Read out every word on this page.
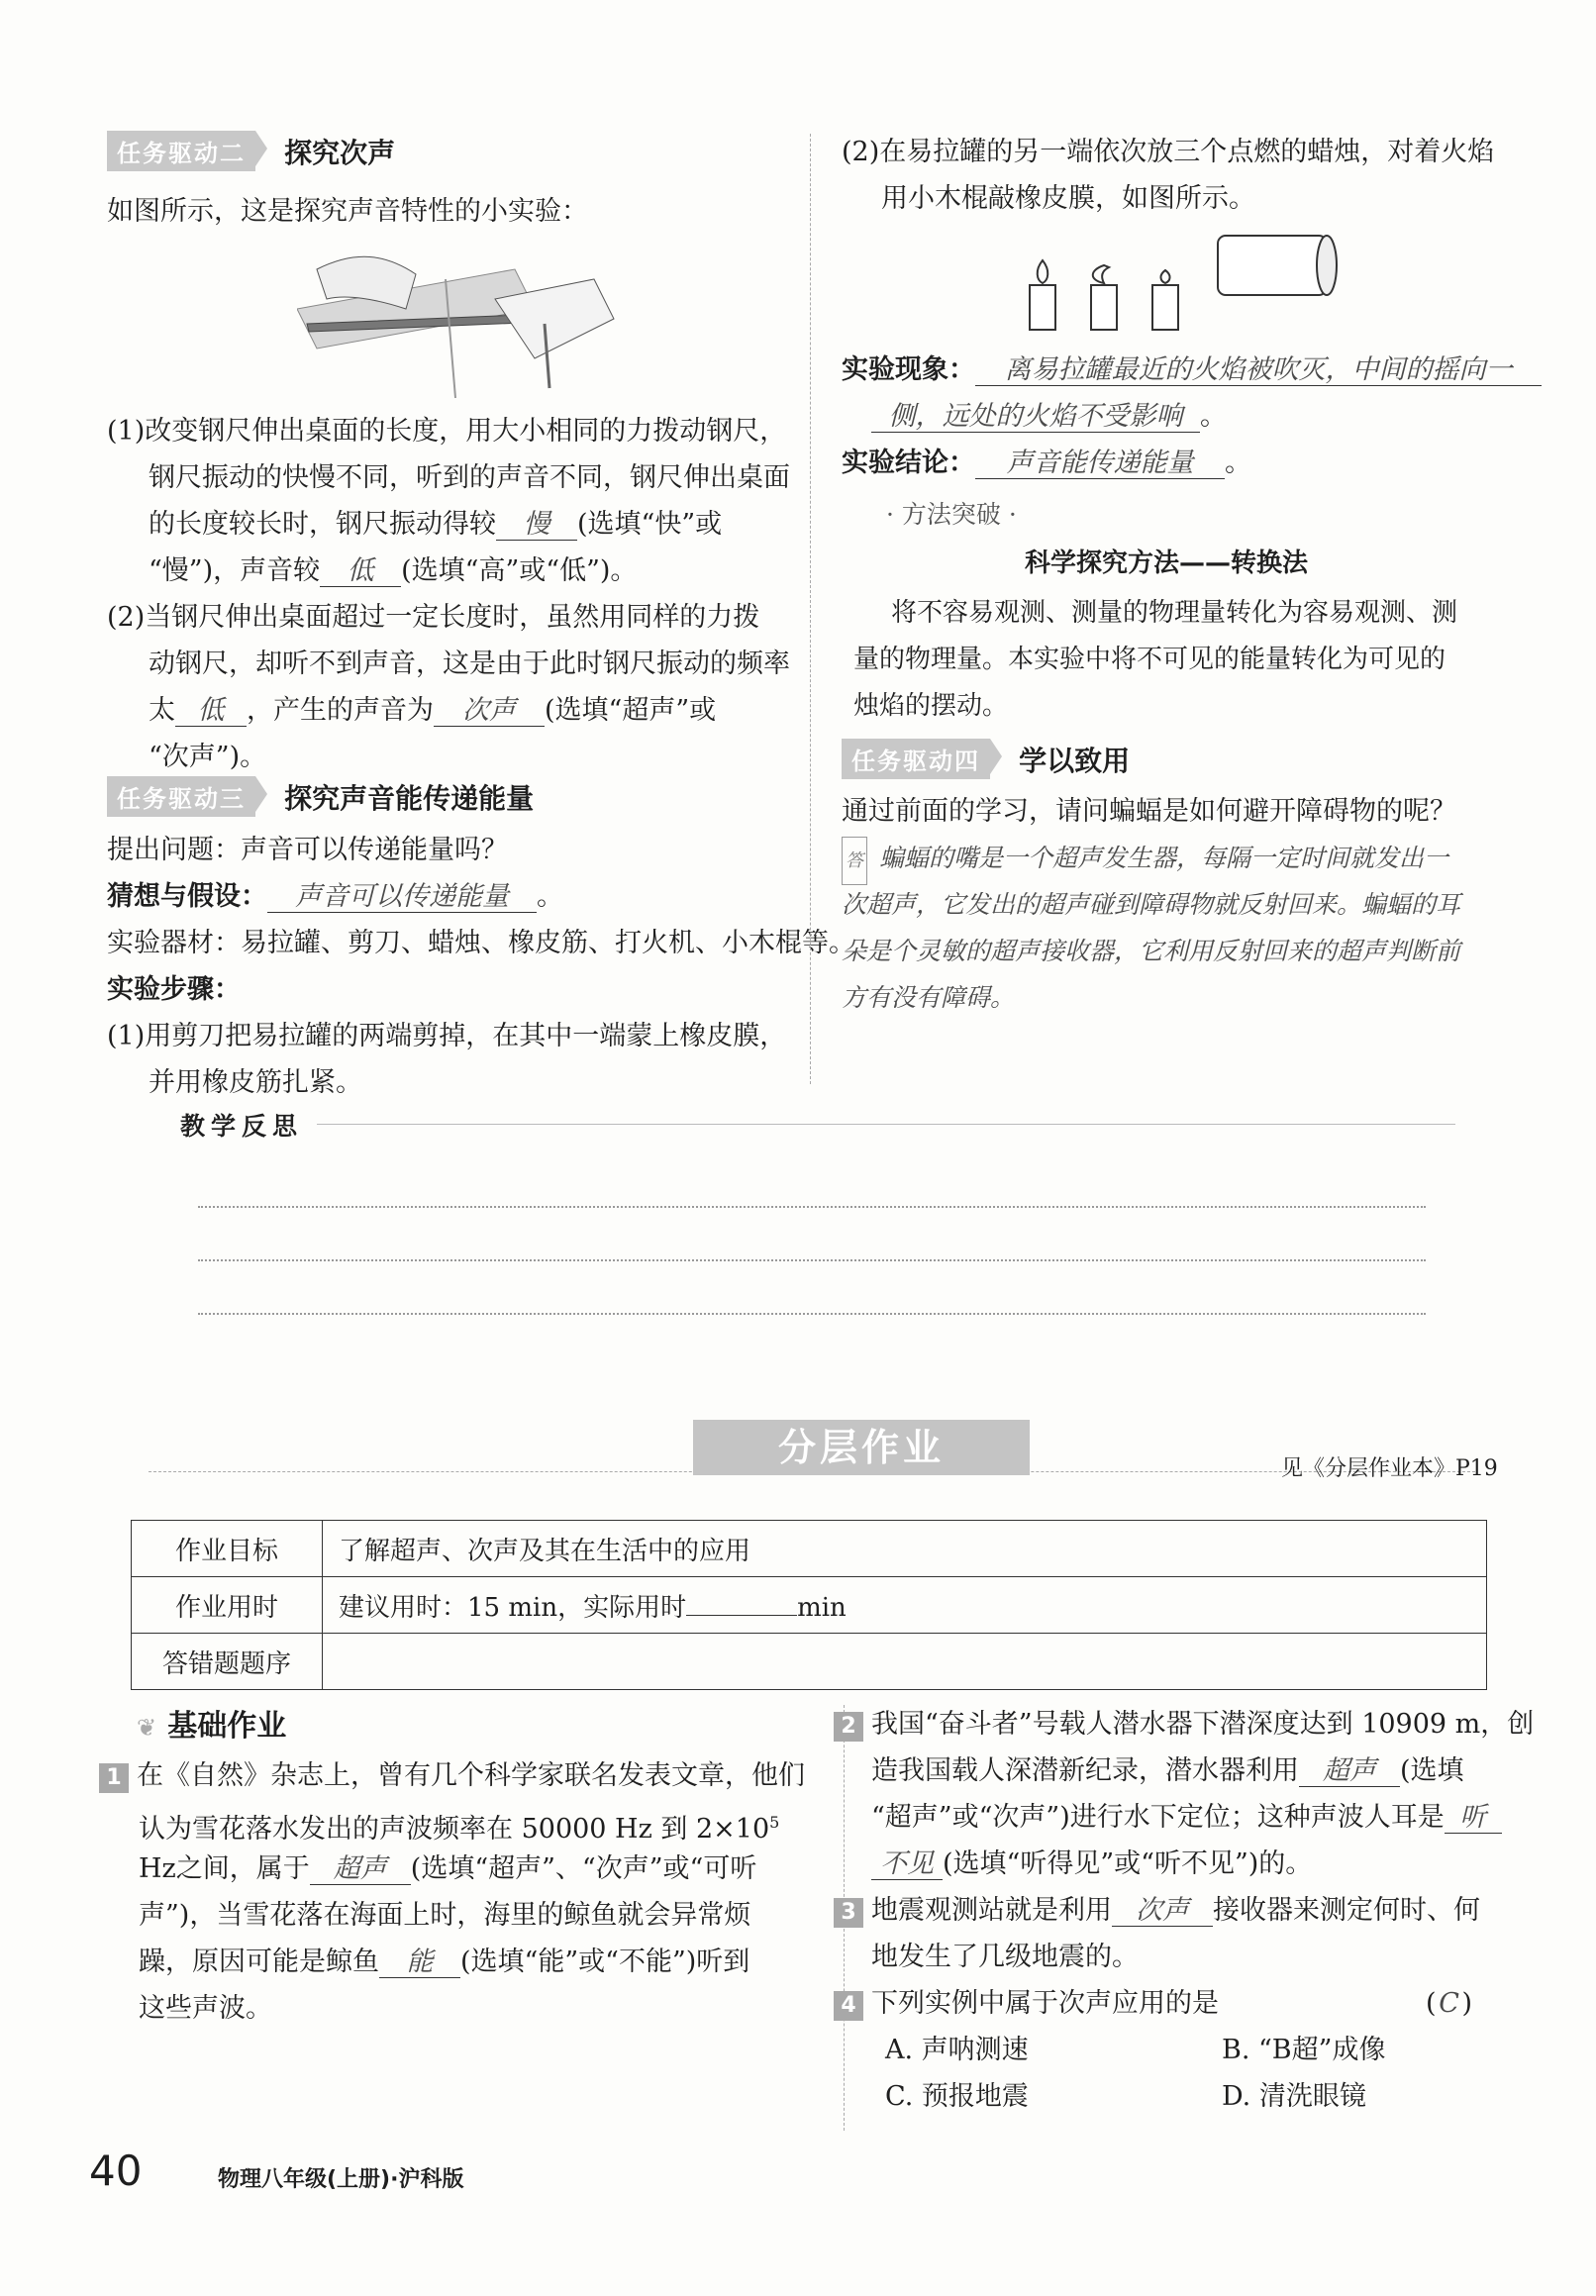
任务驱动二 探究次声

如图所示，这是探究声音特性的小实验：

(1)改变钢尺伸出桌面的长度，用大小相同的力拨动钢尺，

钢尺振动的快慢不同，听到的声音不同，钢尺伸出桌面

的长度较长时，钢尺振动得较 慢 (选填“快”或

“慢”)，声音较 低 (选填“高”或“低”)。

(2)当钢尺伸出桌面超过一定长度时，虽然用同样的力拨

动钢尺，却听不到声音，这是由于此时钢尺振动的频率

太 低 ，产生的声音为 次声 (选填“超声”或

“次声”)。

任务驱动三 探究声音能传递能量

提出问题：声音可以传递能量吗？

猜想与假设： 声音可以传递能量 。

实验器材：易拉罐、剪刀、蜡烛、橡皮筋、打火机、小木棍等。

实验步骤：

(1)用剪刀把易拉罐的两端剪掉，在其中一端蒙上橡皮膜，

并用橡皮筋扎紧。

(2)在易拉罐的另一端依次放三个点燃的蜡烛，对着火焰

用小木棍敲橡皮膜，如图所示。

实验现象： 离易拉罐最近的火焰被吹灭，中间的摇向一

侧，远处的火焰不受影响 。

实验结论： 声音能传递能量 。

· 方法突破 ·

科学探究方法——转换法

将不容易观测、测量的物理量转化为容易观测、测

量的物理量。本实验中将不可见的能量转化为可见的

烛焰的摆动。

任务驱动四 学以致用

通过前面的学习，请问蝙蝠是如何避开障碍物的呢？

答 蝙蝠的嘴是一个超声发生器，每隔一定时间就发出一

次超声，它发出的超声碰到障碍物就反射回来。蝙蝠的耳

朵是个灵敏的超声接收器，它利用反射回来的超声判断前

方有没有障碍。

教学反思
分层作业	见《分层作业本》P19
作业目标	了解超声、次声及其在生活中的应用
作业用时	建议用时：15 min，实际用时 min
答错题题序	
❦ 基础作业

1 在《自然》杂志上，曾有几个科学家联名发表文章，他们

认为雪花落水发出的声波频率在 50000 Hz 到 $2\times 10^5$

Hz之间，属于 超声 (选填“超声”、“次声”或“可听

声”)，当雪花落在海面上时，海里的鲸鱼就会异常烦

躁，原因可能是鲸鱼 能 (选填“能”或“不能”)听到

这些声波。

2 我国“奋斗者”号载人潜水器下潜深度达到 10909 m，创

造我国载人深潜新纪录，潜水器利用 超声 (选填

“超声”或“次声”)进行水下定位；这种声波人耳是 听

不见 (选填“听得见”或“听不见”)的。

3 地震观测站就是利用 次声 接收器来测定何时、何

地发生了几级地震的。

4 下列实例中属于次声应用的是	(C)

A. 声呐测速	B. “B超”成像

C. 预报地震	D. 清洗眼镜

40	物理八年级(上册)·沪科版
